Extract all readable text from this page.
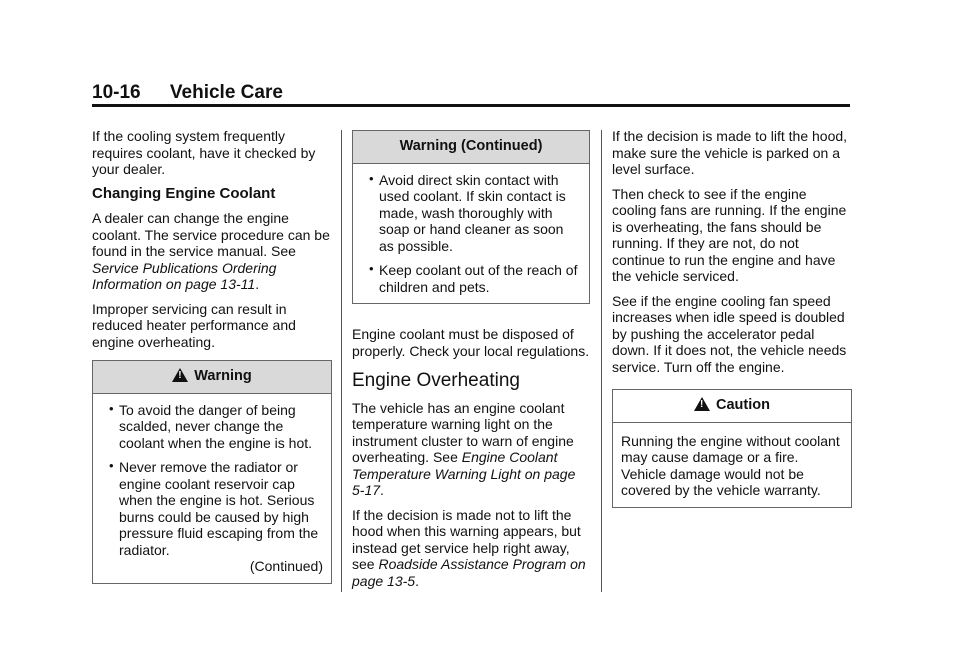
10-16 Vehicle Care

If the cooling system frequently requires coolant, have it checked by your dealer.

Changing Engine Coolant

A dealer can change the engine coolant. The service procedure can be found in the service manual. See Service Publications Ordering Information on page 13-11.

Improper servicing can result in reduced heater performance and engine overheating.

!Warning
• To avoid the danger of being scalded, never change the coolant when the engine is hot.
• Never remove the radiator or engine coolant reservoir cap when the engine is hot. Serious burns could be caused by high pressure fluid escaping from the radiator.
(Continued)
Warning (Continued)
• Avoid direct skin contact with used coolant. If skin contact is made, wash thoroughly with soap or hand cleaner as soon as possible.
• Keep coolant out of the reach of children and pets.

Engine coolant must be disposed of properly. Check your local regulations.

Engine Overheating

The vehicle has an engine coolant temperature warning light on the instrument cluster to warn of engine overheating. See Engine Coolant Temperature Warning Light on page 5-17.

If the decision is made not to lift the hood when this warning appears, but instead get service help right away, see Roadside Assistance Program on page 13-5.

If the decision is made to lift the hood, make sure the vehicle is parked on a level surface.

Then check to see if the engine cooling fans are running. If the engine is overheating, the fans should be running. If they are not, do not continue to run the engine and have the vehicle serviced.

See if the engine cooling fan speed increases when idle speed is doubled by pushing the accelerator pedal down. If it does not, the vehicle needs service. Turn off the engine.

!Caution
Running the engine without coolant may cause damage or a fire. Vehicle damage would not be covered by the vehicle warranty.
